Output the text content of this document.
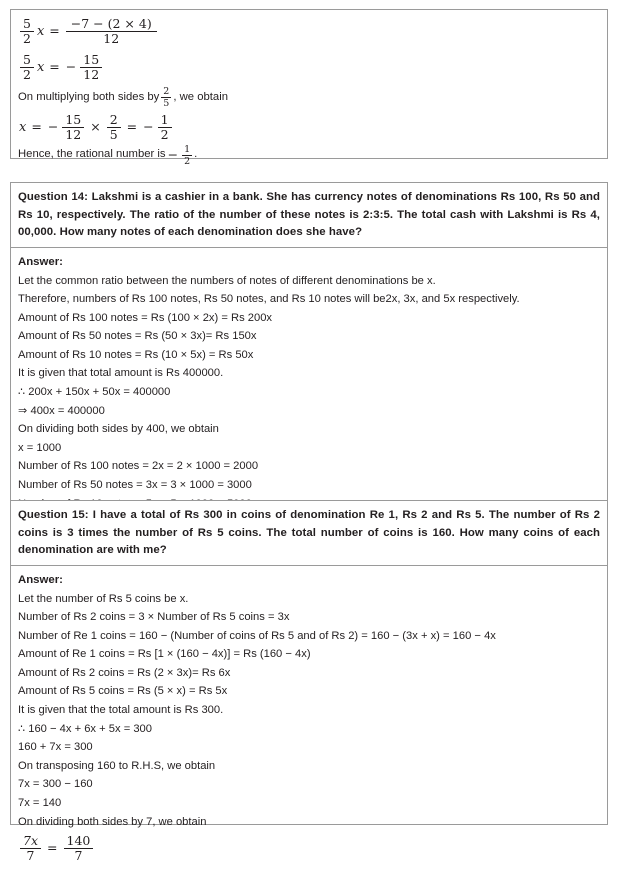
$\frac{5}{2}$ $x = \frac{-7 - (2 \times 4)}{12}$
$\frac{5}{2}$ x = − $\frac{15}{12}$
On multiplying both sides by $\frac{2}{5}$ , we obtain
x = − $\frac{15}{12} \times \frac{2}{5}$ = − $\frac{1}{2}$
Hence, the rational number is − $\frac{1}{2}$ .
Question 14: Lakshmi is a cashier in a bank. She has currency notes of denominations Rs 100, Rs 50 and Rs 10, respectively. The ratio of the number of these notes is 2:3:5. The total cash with Lakshmi is Rs 4, 00,000. How many notes of each denomination does she have?
Answer:
Let the common ratio between the numbers of notes of different denominations be x.
Therefore, numbers of Rs 100 notes, Rs 50 notes, and Rs 10 notes will be2x, 3x, and 5x respectively.
Amount of Rs 100 notes = Rs (100 × 2x) = Rs 200x
Amount of Rs 50 notes = Rs (50 × 3x)= Rs 150x
Amount of Rs 10 notes = Rs (10 × 5x) = Rs 50x
It is given that total amount is Rs 400000.
∴ 200x + 150x + 50x = 400000
⇒ 400x = 400000
On dividing both sides by 400, we obtain
x = 1000
Number of Rs 100 notes = 2x = 2 × 1000 = 2000
Number of Rs 50 notes = 3x = 3 × 1000 = 3000
Question 15: I have a total of Rs 300 in coins of denomination Re 1, Rs 2 and Rs 5. The number of Rs 2 coins is 3 times the number of Rs 5 coins. The total number of coins is 160. How many coins of each denomination are with me?
Answer:
Let the number of Rs 5 coins be x.
Number of Rs 2 coins = 3 × Number of Rs 5 coins = 3x
Number of Re 1 coins = 160 − (Number of coins of Rs 5 and of Rs 2) = 160 − (3x + x) = 160 − 4x
Amount of Re 1 coins = Rs [1 × (160 − 4x)] = Rs (160 − 4x)
Amount of Rs 2 coins = Rs (2 × 3x)= Rs 6x
Amount of Rs 5 coins = Rs (5 × x) = Rs 5x
It is given that the total amount is Rs 300.
∴ 160 − 4x + 6x + 5x = 300
160 + 7x = 300
On transposing 160 to R.H.S, we obtain
7x = 300 − 160
7x = 140
On dividing both sides by 7, we obtain
$\frac{7x}{7} = \frac{140}{7}$
